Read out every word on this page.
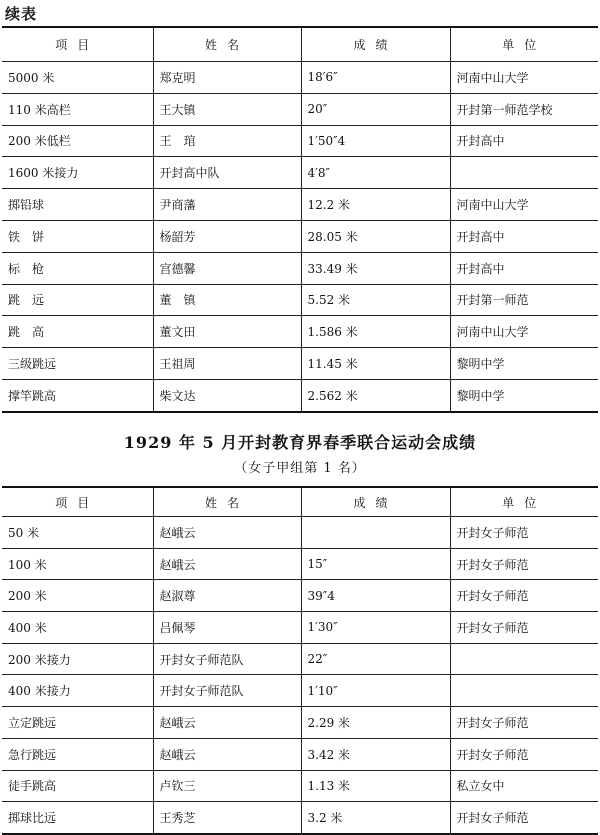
续表
项目	姓名	成绩	单位
5000 米	郑克明	18′6″	河南中山大学
110 米高栏	王大镇	20″	开封第一师范学校
200 米低栏	王　琯	1′50″4	开封高中
1600 米接力	开封高中队	4′8″	
掷铅球	尹商藩	12.2 米	河南中山大学
铁　饼	杨韶芳	28.05 米	开封高中
标　枪	宫德馨	33.49 米	开封高中
跳　远	董　镇	5.52 米	开封第一师范
跳　高	董文田	1.586 米	河南中山大学
三级跳远	王祖周	11.45 米	黎明中学
撑竿跳高	柴文达	2.562 米	黎明中学
1929 年 5 月开封教育界春季联合运动会成绩
（女子甲组第 1 名）
项目	姓名	成绩	单位
50 米	赵峨云		开封女子师范
100 米	赵峨云	15″	开封女子师范
200 米	赵淑尊	39″4	开封女子师范
400 米	吕佩琴	1′30″	开封女子师范
200 米接力	开封女子师范队	22″	
400 米接力	开封女子师范队	1′10″	
立定跳远	赵峨云	2.29 米	开封女子师范
急行跳远	赵峨云	3.42 米	开封女子师范
徒手跳高	卢钦三	1.13 米	私立女中
掷球比远	王秀芝	3.2 米	开封女子师范
